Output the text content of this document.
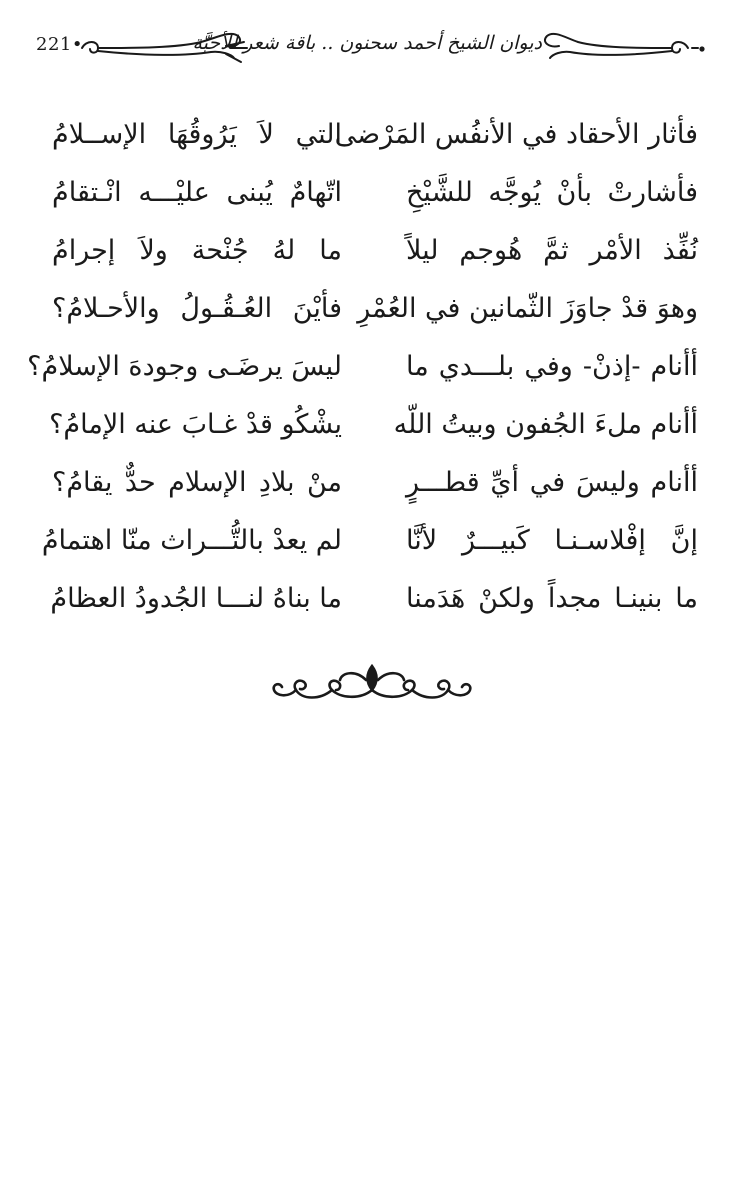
221•	ديوان الشيخ أحمد سحنون .. باقة شعر للأحبَّة
فأثار الأحقاد في الأنفُس المَرْضى
التي لاَ يَرُوقُهَا الإســلامُ
فأشارتْ بأنْ يُوجَّه للشَّيْخِ
اتّهامٌ يُبنى عليْـــه انْـتقامُ
نُفِّذ الأمْر ثمَّ هُوجم ليلاً
ما لهُ جُنْحة ولاَ إجرامُ
وهوَ قدْ جاوَزَ الثّمانين في العُمْرِ
فأيْنَ العُـقُـولُ والأحـلامُ؟
أأنام -إذنْ- وفي بلـــدي ما
ليسَ يرضَـى وجودهَ الإسلامُ؟
أأنام ملءَ الجُفون وبيتُ اللّه
يشْكُو قدْ غـابَ عنه الإمامُ؟
أأنام وليسَ في أيِّ قطـــرٍ
منْ بلادِ الإسلام حدٌّ يقامُ؟
إنَّ إفْلاسـنـا كَبيـــرٌ لأنَّا
لم يعدْ بالتُّـــراث منّا اهتمامُ
ما بنينـا مجداً ولكنْ هَدَمنا
ما بناهُ لنـــا الجُدودُ العظامُ
